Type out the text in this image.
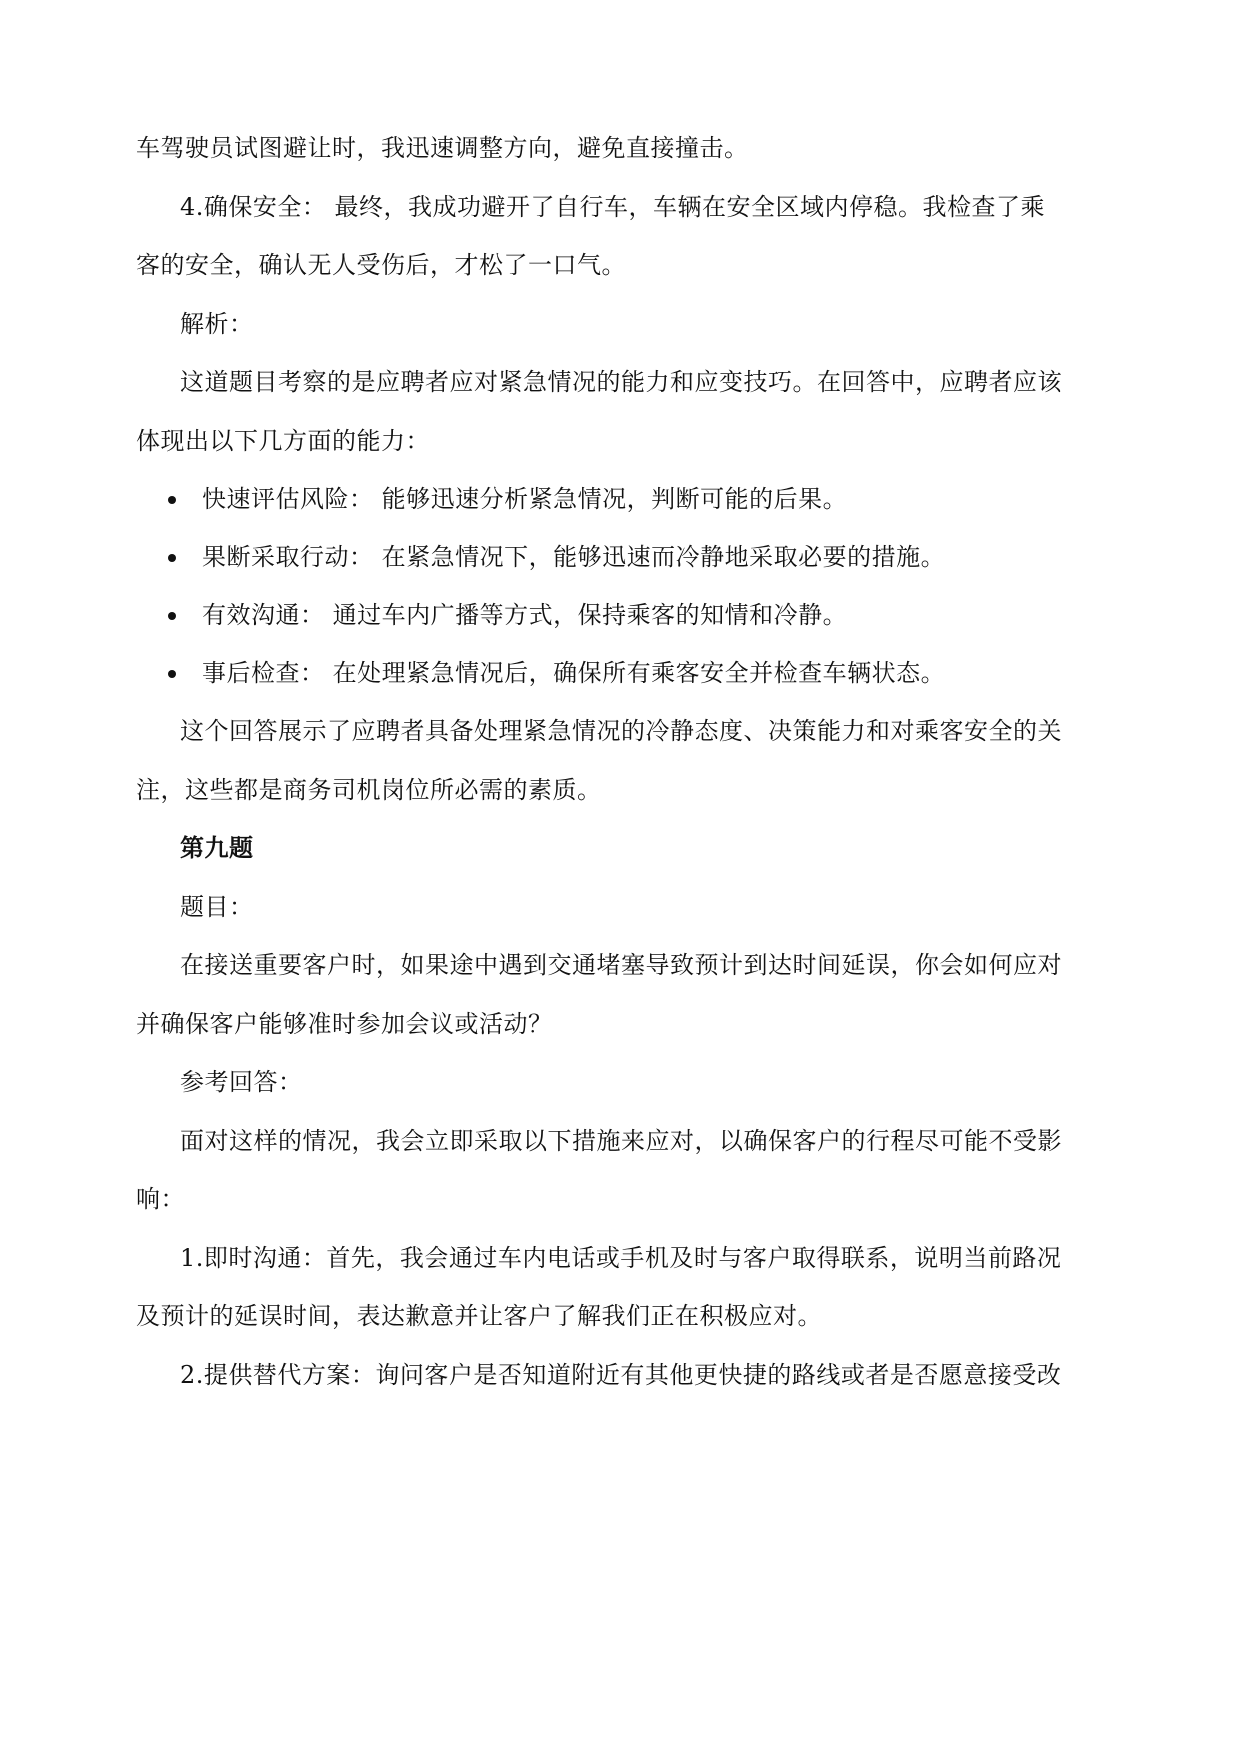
车驾驶员试图避让时，我迅速调整方向，避免直接撞击。
4.确保安全： 最终，我成功避开了自行车，车辆在安全区域内停稳。我检查了乘
客的安全，确认无人受伤后，才松了一口气。
解析：
这道题目考察的是应聘者应对紧急情况的能力和应变技巧。在回答中，应聘者应该
体现出以下几方面的能力：
快速评估风险： 能够迅速分析紧急情况，判断可能的后果。
果断采取行动： 在紧急情况下，能够迅速而冷静地采取必要的措施。
有效沟通： 通过车内广播等方式，保持乘客的知情和冷静。
事后检查： 在处理紧急情况后，确保所有乘客安全并检查车辆状态。
这个回答展示了应聘者具备处理紧急情况的冷静态度、决策能力和对乘客安全的关
注，这些都是商务司机岗位所必需的素质。
第九题
题目：
在接送重要客户时，如果途中遇到交通堵塞导致预计到达时间延误，你会如何应对
并确保客户能够准时参加会议或活动？
参考回答：
面对这样的情况，我会立即采取以下措施来应对，以确保客户的行程尽可能不受影
响：
1.即时沟通：首先，我会通过车内电话或手机及时与客户取得联系，说明当前路况
及预计的延误时间，表达歉意并让客户了解我们正在积极应对。
2.提供替代方案：询问客户是否知道附近有其他更快捷的路线或者是否愿意接受改
